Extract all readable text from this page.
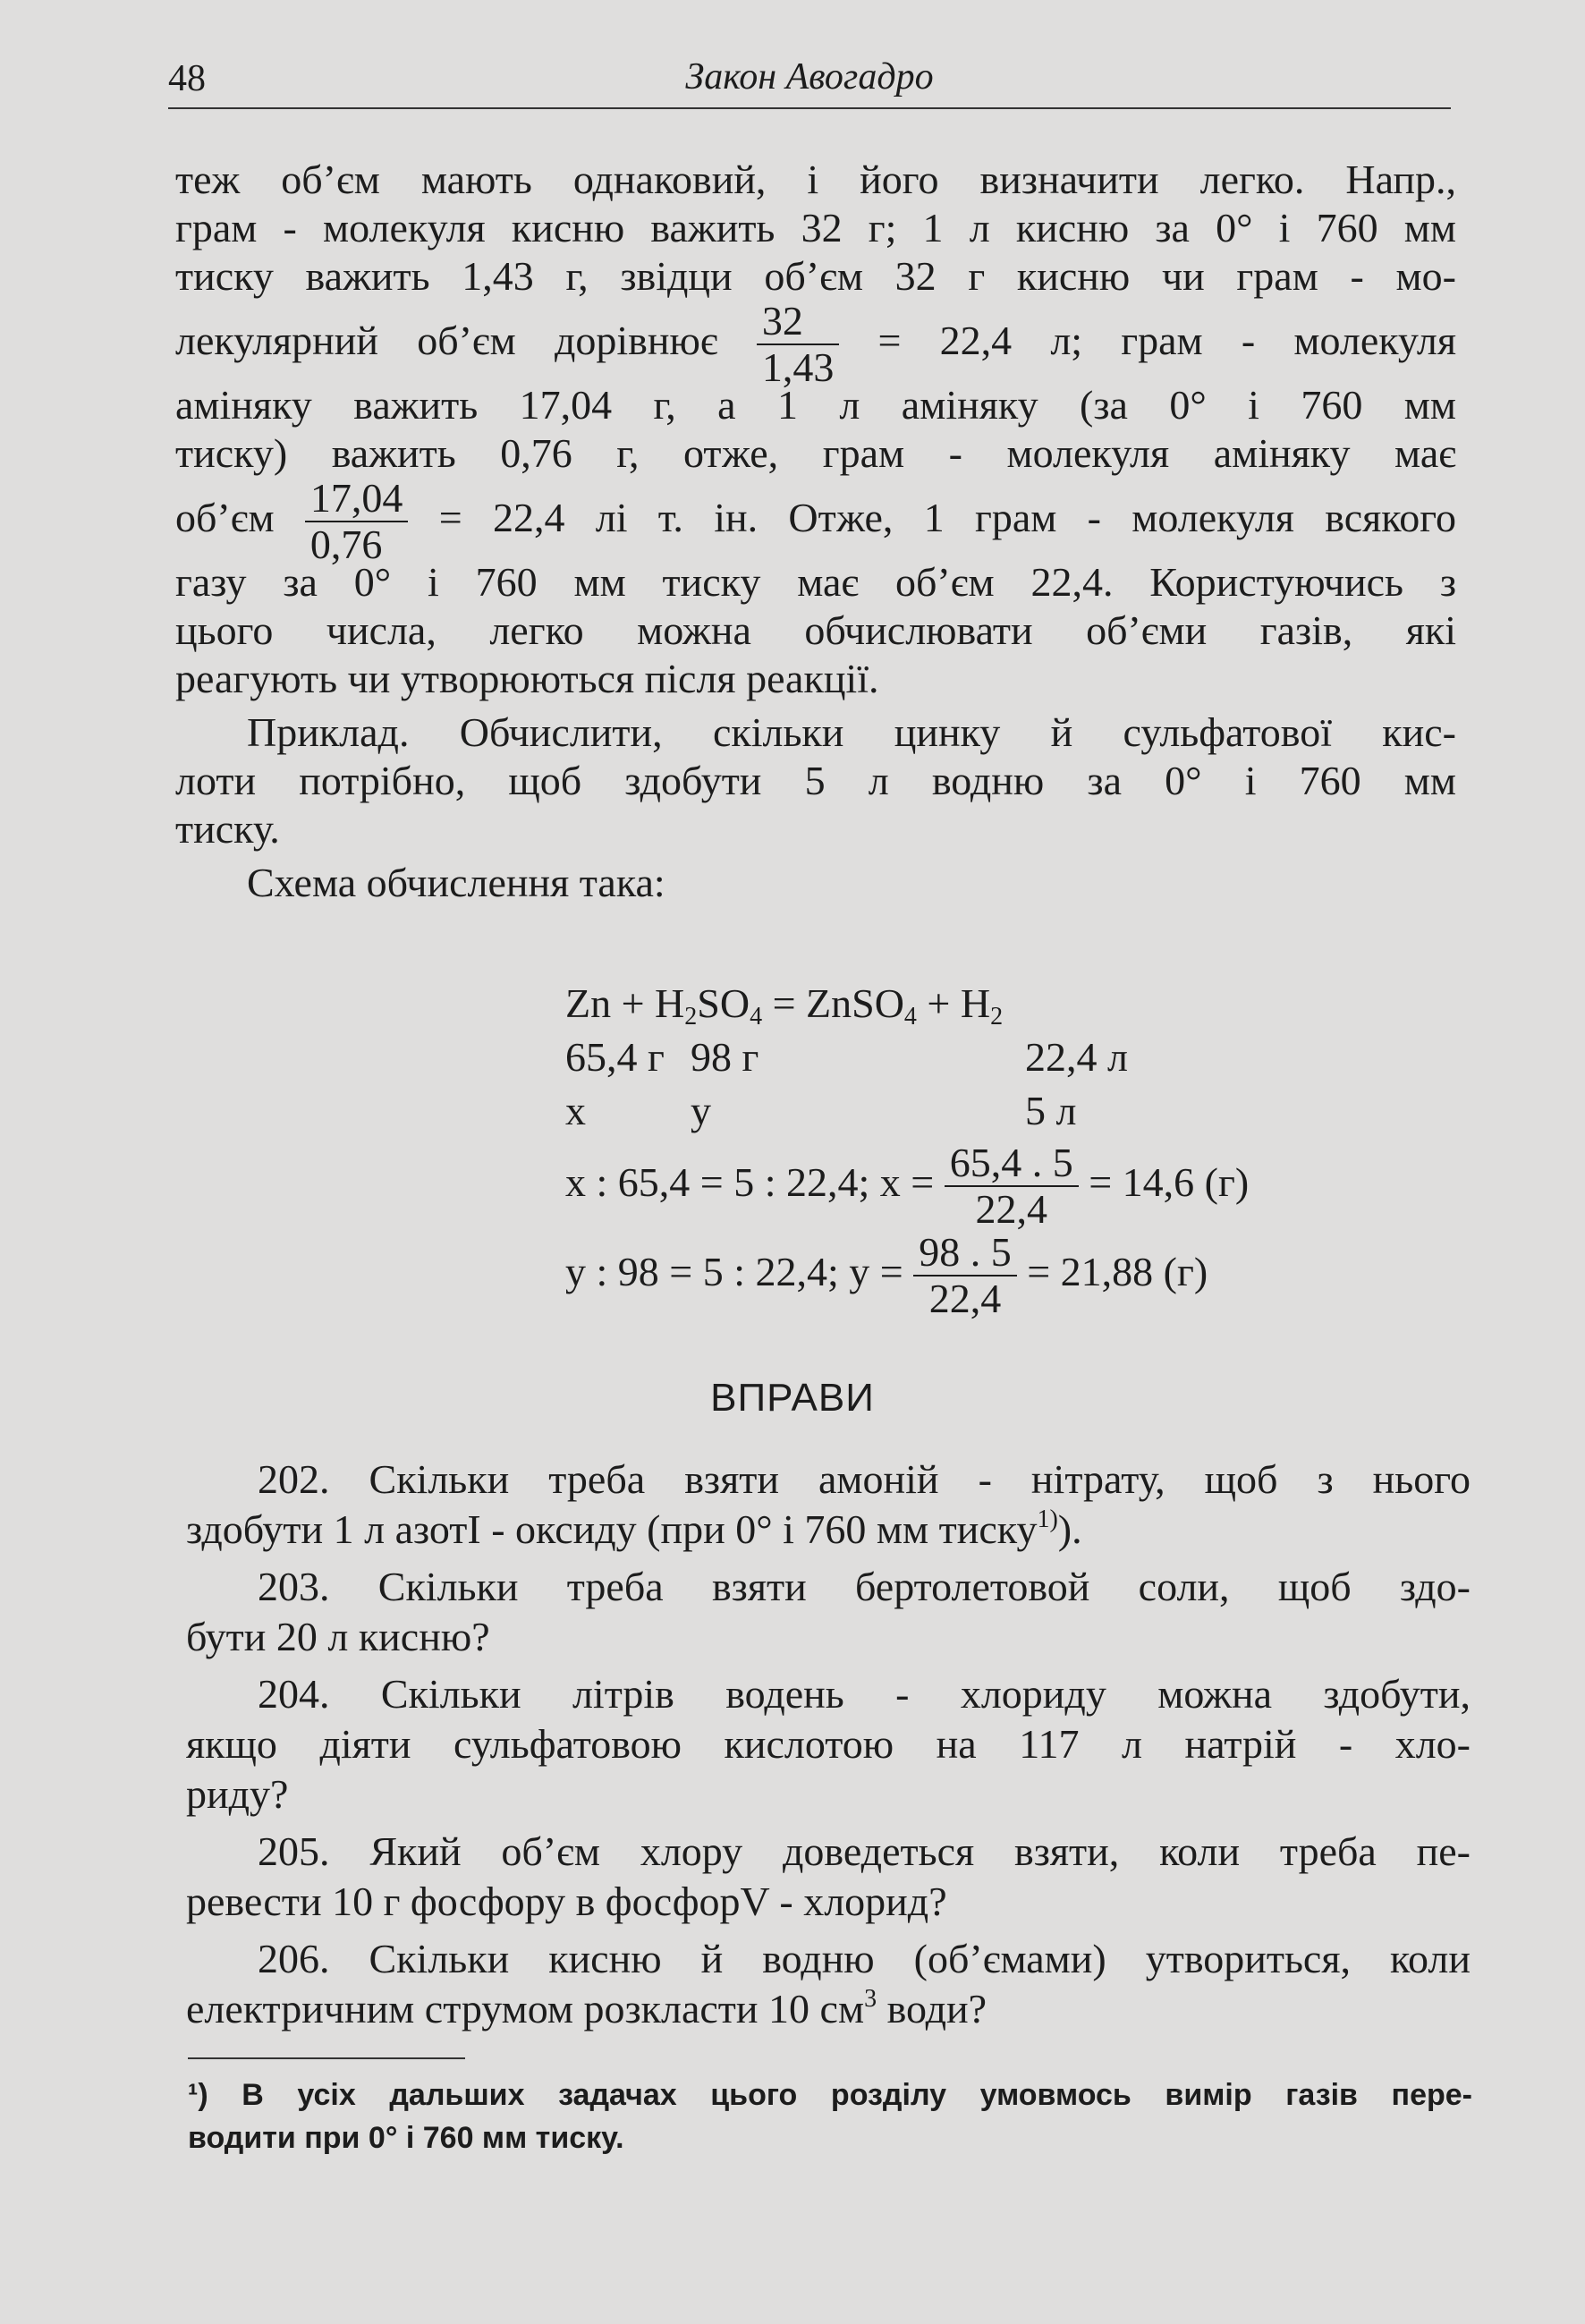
48	Закон Авогадро
теж об’єм мають однаковий, і його визначити легко. Напр.,
грам - молекуля кисню важить 32 г; 1 л кисню за 0° і 760 мм
тиску важить 1,43 г, звідци об’єм 32 г кисню чи грам - мо-
лекулярний об’єм дорівнює $\frac{32}{1,43} = 22,4$ л; грам - молекуля
аміняку важить 17,04 г, а 1 л аміняку (за 0° і 760 мм
тиску) важить 0,76 г, отже, грам - молекуля аміняку має
об’єм $\frac{17,04}{0,76} = 22,4$ лі т. ін. Отже, 1 грам - молекуля всякого
газу за 0° і 760 мм тиску має об’єм 22,4. Користуючись з
цього числа, легко можна обчислювати об’єми газів, які
реагують чи утворюються після реакції.
Приклад. Обчислити, скільки цинку й сульфатової кис-
лоти потрібно, щоб здобути 5 л водню за 0° і 760 мм
тиску.
Схема обчислення така:
$Zn + H_2SO_4$ = ZnSO$_4$ + $H_2$
65,4 г 98 г	22,4 л
x	y	5 л
x : 65,4 = 5 : 22,4; $x = \frac{65,4 . 5}{22,4} = 14,6$ (г)
y : 98 = 5 : 22,4; $y = \frac{98 . 5}{22,4} = 21,88$ (г)
ВПРАВИ
202. Скільки треба взяти амоній - нітрату, щоб з нього
здобути 1 л азотІ - оксиду (при 0° і 760 мм тиску$^{1)}$).
203. Скільки треба взяти бертолетовой соли, щоб здо-
бути 20 л кисню?
204. Скільки літрів водень - хлориду можна здобути,
якщо діяти сульфатовою кислотою на 117 л натрій - хло-
риду?
205. Який об’єм хлору доведеться взяти, коли треба пе-
ревести 10 г фосфору в фосфорV - хлорид?
206. Скільки кисню й водню (об’ємами) утвориться, коли
електричним струмом розкласти 10 $см^3$ води?
¹) В усіх дальших задачах цього розділу умовмось вимір газів пере-
водити при 0° і 760 мм тиску.
